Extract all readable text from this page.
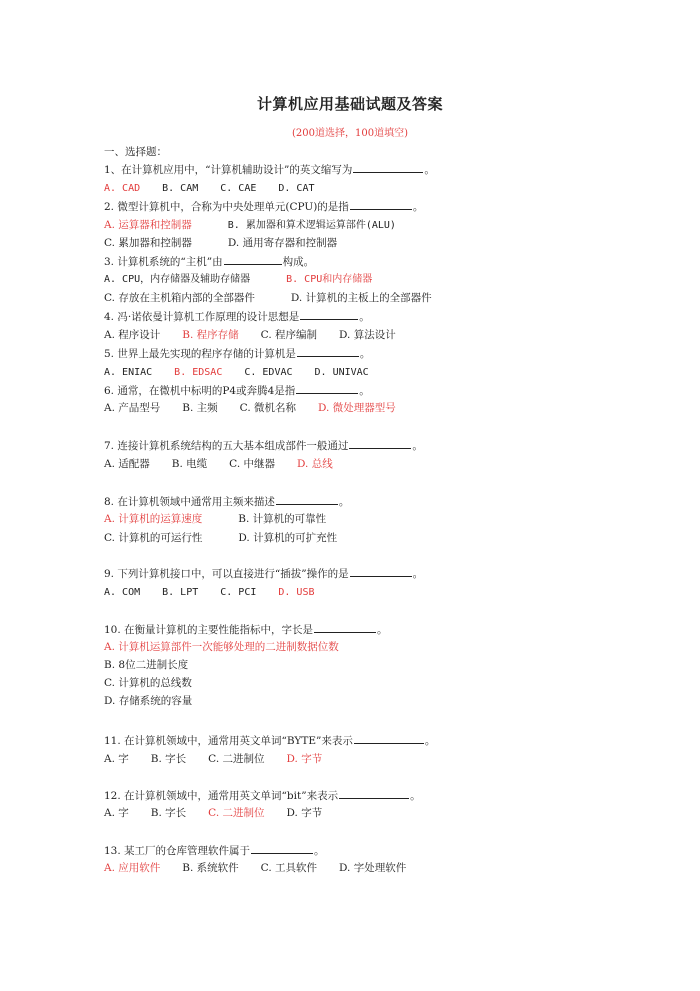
计算机应用基础试题及答案
(200道选择，100道填空)
一、选择题：
1、在计算机应用中，“计算机辅助设计”的英文缩写为	。
A. CAD B. CAM C. CAE D. CAT
2. 微型计算机中，合称为中央处理单元(CPU)的是指	。
A. 运算器和控制器	B. 累加器和算术逻辑运算部件(ALU)
C. 累加器和控制器	D. 通用寄存器和控制器
3. 计算机系统的“主机”由	构成。
A. CPU，内存储器及辅助存储器	B. CPU和内存储器
C. 存放在主机箱内部的全部器件	D. 计算机的主板上的全部器件
4. 冯·诺依曼计算机工作原理的设计思想是	。
A. 程序设计 B. 程序存储 C. 程序编制 D. 算法设计
5. 世界上最先实现的程序存储的计算机是	。
A. ENIAC B. EDSAC C. EDVAC D. UNIVAC
6. 通常，在微机中标明的P4或奔腾4是指	。
A. 产品型号 B. 主频 C. 微机名称 D. 微处理器型号
7. 连接计算机系统结构的五大基本组成部件一般通过	。
A. 适配器 B. 电缆 C. 中继器 D. 总线
8. 在计算机领域中通常用主频来描述	。
A. 计算机的运算速度	B. 计算机的可靠性
C. 计算机的可运行性	D. 计算机的可扩充性
9. 下列计算机接口中，可以直接进行“插拔”操作的是	。
A. COM B. LPT C. PCI D. USB
10. 在衡量计算机的主要性能指标中，字长是	。
A. 计算机运算部件一次能够处理的二进制数据位数
B. 8位二进制长度
C. 计算机的总线数
D. 存储系统的容量
11. 在计算机领域中，通常用英文单词“BYTE”来表示	。
A. 字 B. 字长 C. 二进制位 D. 字节
12. 在计算机领域中，通常用英文单词“bit”来表示	。
A. 字 B. 字长 C. 二进制位 D. 字节
13. 某工厂的仓库管理软件属于	。
A. 应用软件 B. 系统软件 C. 工具软件 D. 字处理软件
